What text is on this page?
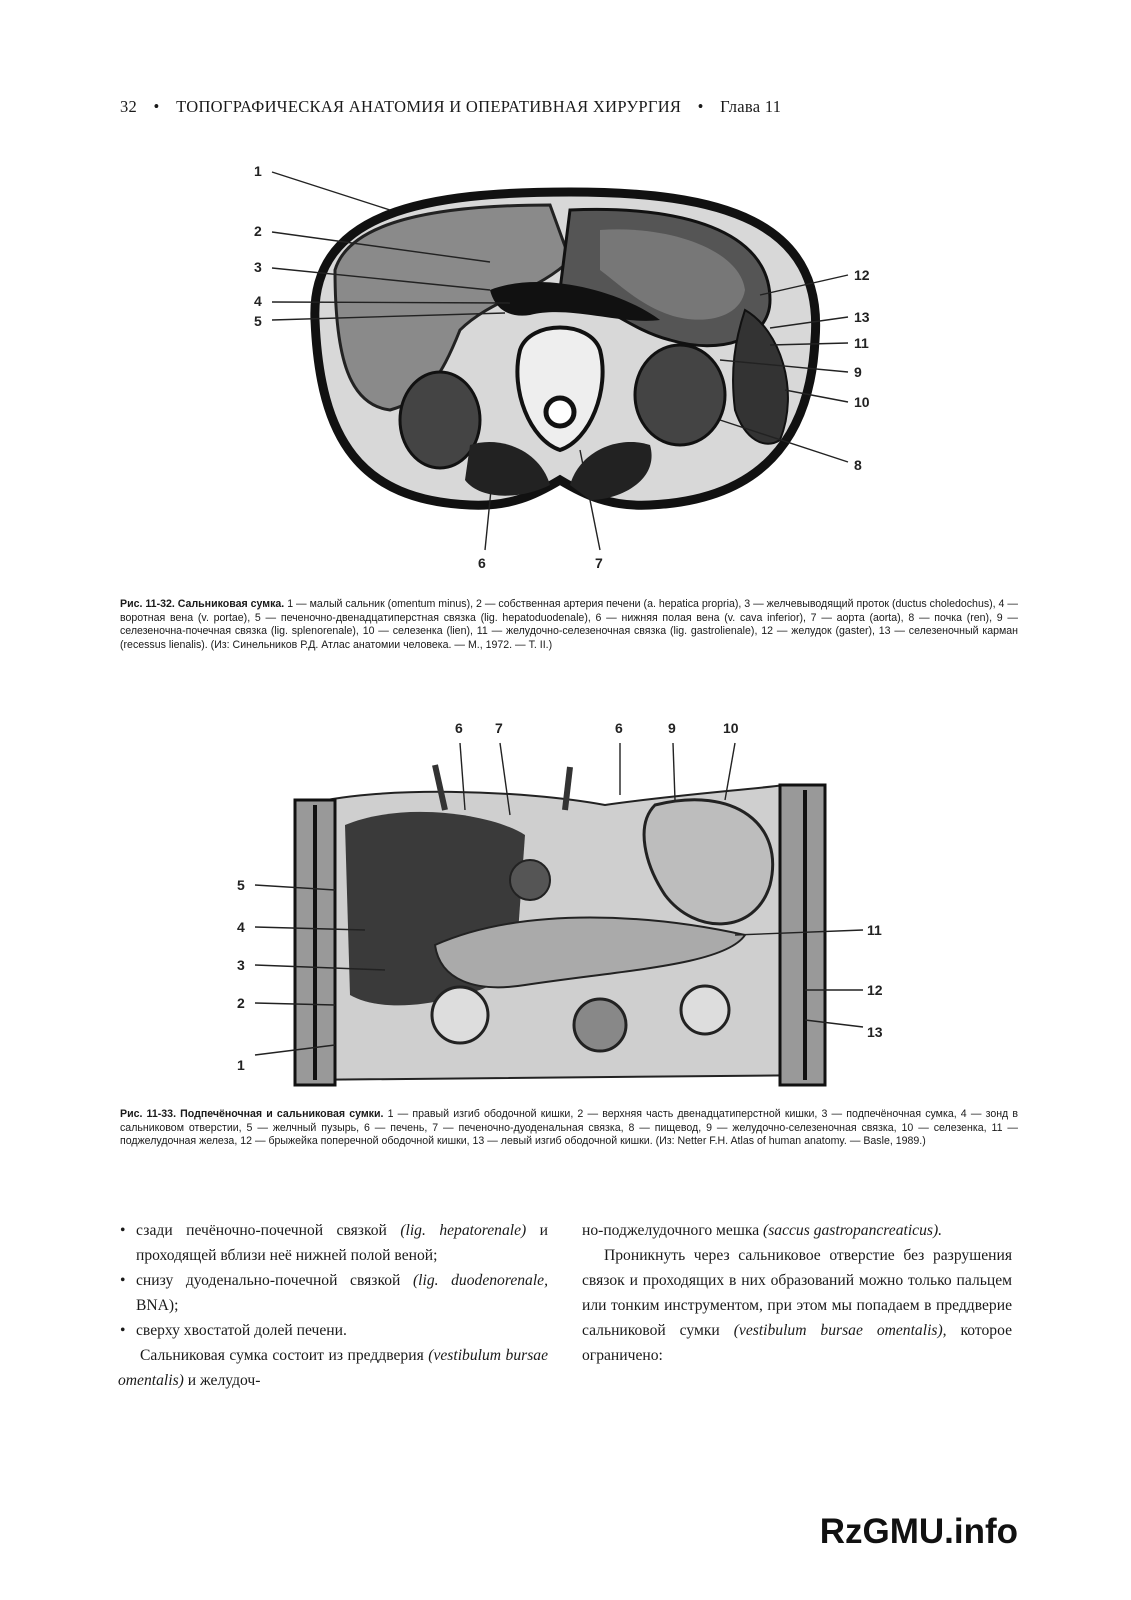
32 • ТОПОГРАФИЧЕСКАЯ АНАТОМИЯ И ОПЕРАТИВНАЯ ХИРУРГИЯ • Глава 11
1
2
3
4
5
12
13
11
9
10
8
6	7
Рис. 11-32. Сальниковая сумка. 1 — малый сальник (omentum minus), 2 — собственная артерия печени (a. hepatica propria), 3 — желчевыводящий проток (ductus choledochus), 4 — воротная вена (v. portae), 5 — печеночно-двенадцатиперстная связка (lig. hepatoduodenale), 6 — нижняя полая вена (v. cava inferior), 7 — аорта (aorta), 8 — почка (ren), 9 — селезеночна-почечная связка (lig. splenorenale), 10 — селезенка (lien), 11 — желудочно-селезеночная связка (lig. gastrolienale), 12 — желудок (gaster), 13 — селезеночный карман (recessus lienalis). (Из: Синельников Р.Д. Атлас анатомии человека. — М., 1972. — Т. II.)
6 7	6	9	10
5
4
3
2
1
11
12
13
Рис. 11-33. Подпечёночная и сальниковая сумки. 1 — правый изгиб ободочной кишки, 2 — верхняя часть двенадцатиперстной кишки, 3 — подпечёночная сумка, 4 — зонд в сальниковом отверстии, 5 — желчный пузырь, 6 — печень, 7 — печеночно-дуоденальная связка, 8 — пищевод, 9 — желудочно-селезеночная связка, 10 — селезенка, 11 — поджелудочная железа, 12 — брыжейка поперечной ободочной кишки, 13 — левый изгиб ободочной кишки. (Из: Netter F.H. Atlas of human anatomy. — Basle, 1989.)

• сзади печёночно-почечной связкой (lig. hepatorenale) и проходящей вблизи неё нижней полой веной;

• снизу дуоденально-почечной связкой (lig. duodenorenale, BNA);

• сверху хвостатой долей печени.

Сальниковая сумка состоит из преддверия (vestibulum bursae omentalis) и желудоч-

но-поджелудочного мешка (saccus gastropancreaticus).

Проникнуть через сальниковое отверстие без разрушения связок и проходящих в них образований можно только пальцем или тонким инструментом, при этом мы попадаем в преддверие сальниковой сумки (vestibulum bursae omentalis), которое ограничено:

RzGMU.info
